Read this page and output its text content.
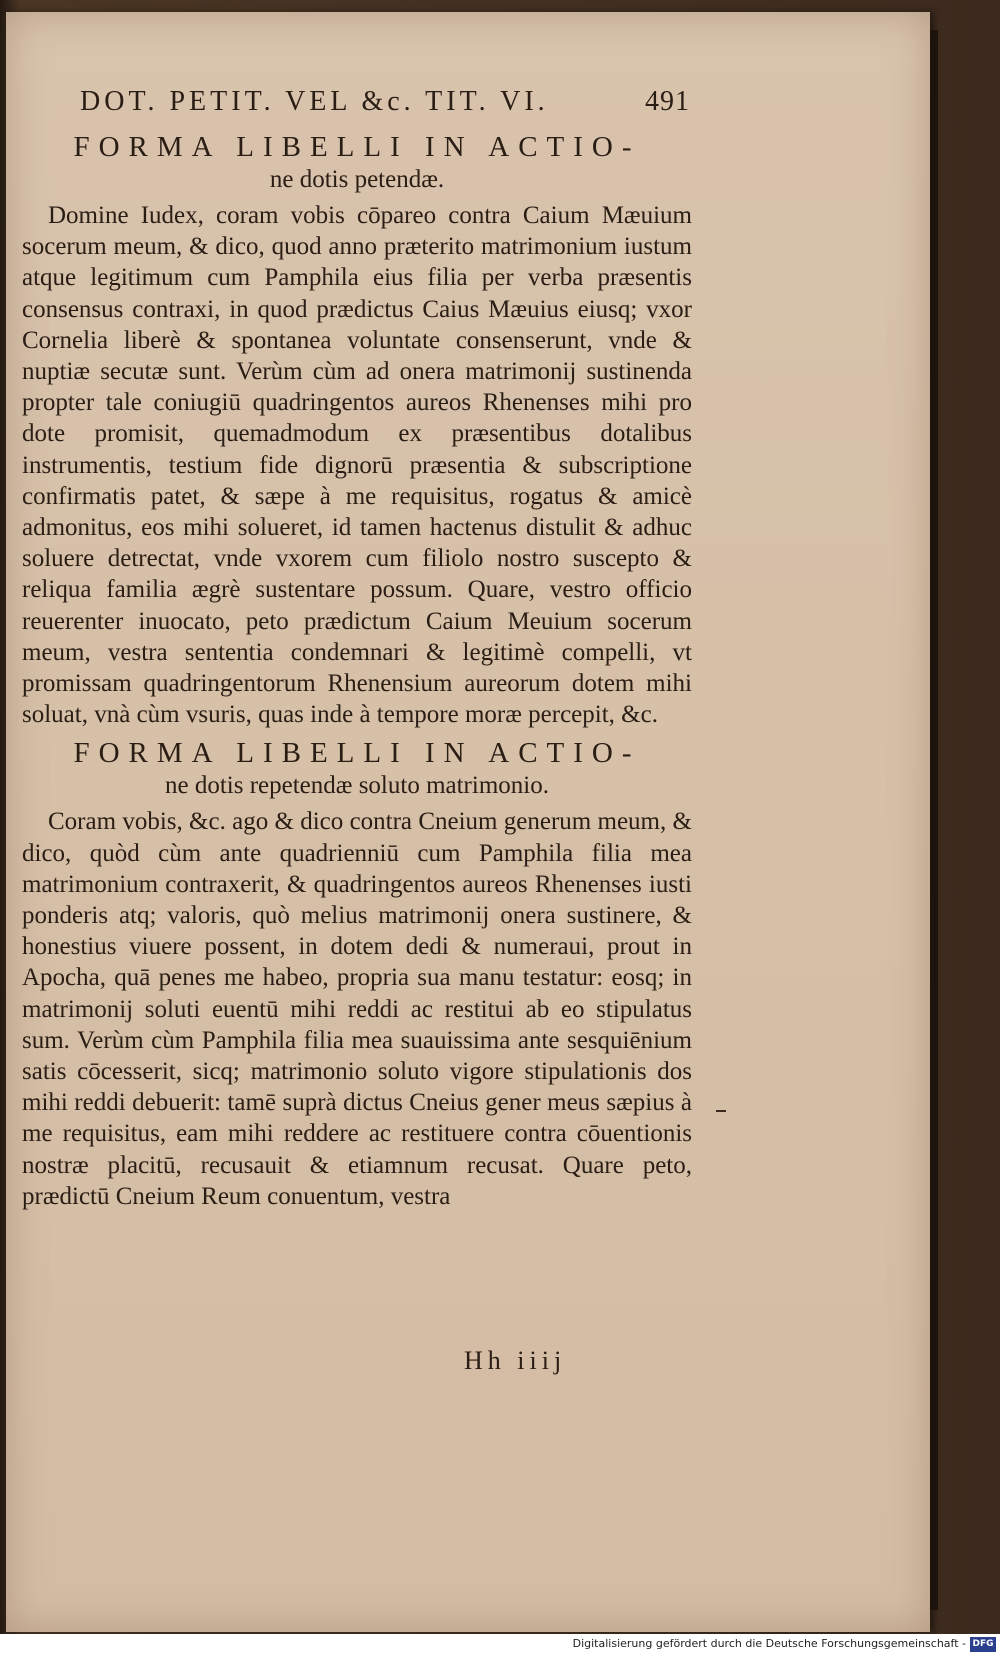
DOT. PETIT. VEL &c. TIT. VI.	491

FORMA LIBELLI IN ACTIO-

ne dotis petendæ.

Domine Iudex, coram vobis cōpareo contra Caium Mæuium socerum meum, & dico, quod anno præterito matrimonium iustum atque legitimum cum Pamphila eius filia per verba præsentis consensus contraxi, in quod prædictus Caius Mæuius eiusq; vxor Cornelia liberè & spontanea voluntate consenserunt, vnde & nuptiæ secutæ sunt. Verùm cùm ad onera matrimonij sustinenda propter tale coniugiū quadringentos aureos Rhenenses mihi pro dote promisit, quemadmodum ex præsentibus dotalibus instrumentis, testium fide dignorū præsentia & subscriptione confirmatis patet, & sæpe à me requisitus, rogatus & amicè admonitus, eos mihi solueret, id tamen hactenus distulit & adhuc soluere detrectat, vnde vxorem cum filiolo nostro suscepto & reliqua familia ægrè sustentare possum. Quare, vestro officio reuerenter inuocato, peto prædictum Caium Meuium socerum meum, vestra sententia condemnari & legitimè compelli, vt promissam quadringentorum Rhenensium aureorum dotem mihi soluat, vnà cùm vsuris, quas inde à tempore moræ percepit, &c.

FORMA LIBELLI IN ACTIO-

ne dotis repetendæ soluto matrimonio.

Coram vobis, &c. ago & dico contra Cneium generum meum, & dico, quòd cùm ante quadrienniū cum Pamphila filia mea matrimonium contraxerit, & quadringentos aureos Rhenenses iusti ponderis atq; valoris, quò melius matrimonij onera sustinere, & honestius viuere possent, in dotem dedi & numeraui, prout in Apocha, quā penes me habeo, propria sua manu testatur: eosq; in matrimonij soluti euentū mihi reddi ac restitui ab eo stipulatus sum. Verùm cùm Pamphila filia mea suauissima ante sesquiēnium satis cōcesserit, sicq; matrimonio soluto vigore stipulationis dos mihi reddi debuerit: tamē suprà dictus Cneius gener meus sæpius à me requisitus, eam mihi reddere ac restituere contra cōuentionis nostræ placitū, recusauit & etiamnum recusat. Quare peto, prædictū Cneium Reum conuentum, vestra

Hh iiij
Digitalisierung gefördert durch die Deutsche Forschungsgemeinschaft - DFG
